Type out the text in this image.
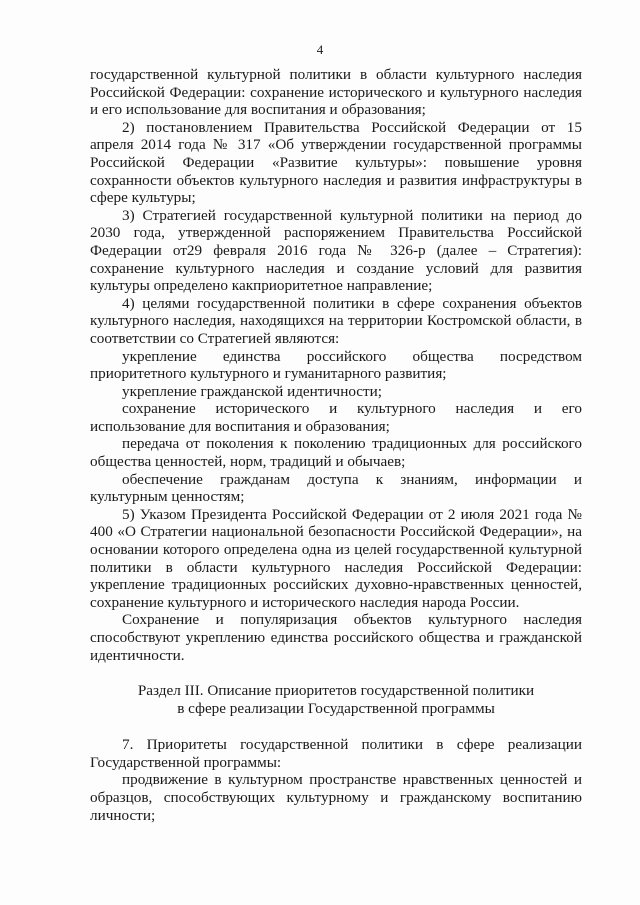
4

государственной культурной политики в области культурного наследия Российской Федерации: сохранение исторического и культурного наследия и его использование для воспитания и образования;

2) постановлением Правительства Российской Федерации от 15 апреля 2014 года № 317 «Об утверждении государственной программы Российской Федерации «Развитие культуры»: повышение уровня сохранности объектов культурного наследия и развития инфраструктуры в сфере культуры;

3) Стратегией государственной культурной политики на период до 2030 года, утвержденной распоряжением Правительства Российской Федерации от29 февраля 2016 года № 326-р (далее – Стратегия): сохранение культурного наследия и создание условий для развития культуры определено какприоритетное направление;

4) целями государственной политики в сфере сохранения объектов культурного наследия, находящихся на территории Костромской области, в соответствии со Стратегией являются:

укрепление единства российского общества посредством приоритетного культурного и гуманитарного развития;

укрепление гражданской идентичности;

сохранение исторического и культурного наследия и его использование для воспитания и образования;

передача от поколения к поколению традиционных для российского общества ценностей, норм, традиций и обычаев;

обеспечение гражданам доступа к знаниям, информации и культурным ценностям;

5) Указом Президента Российской Федерации от 2 июля 2021 года № 400 «О Стратегии национальной безопасности Российской Федерации», на основании которого определена одна из целей государственной культурной политики в области культурного наследия Российской Федерации: укрепление традиционных российских духовно-нравственных ценностей, сохранение культурного и исторического наследия народа России.

Сохранение и популяризация объектов культурного наследия способствуют укреплению единства российского общества и гражданской идентичности.

Раздел III. Описание приоритетов государственной политики
в сфере реализации Государственной программы

7. Приоритеты государственной политики в сфере реализации Государственной программы:

продвижение в культурном пространстве нравственных ценностей и образцов, способствующих культурному и гражданскому воспитанию личности;
